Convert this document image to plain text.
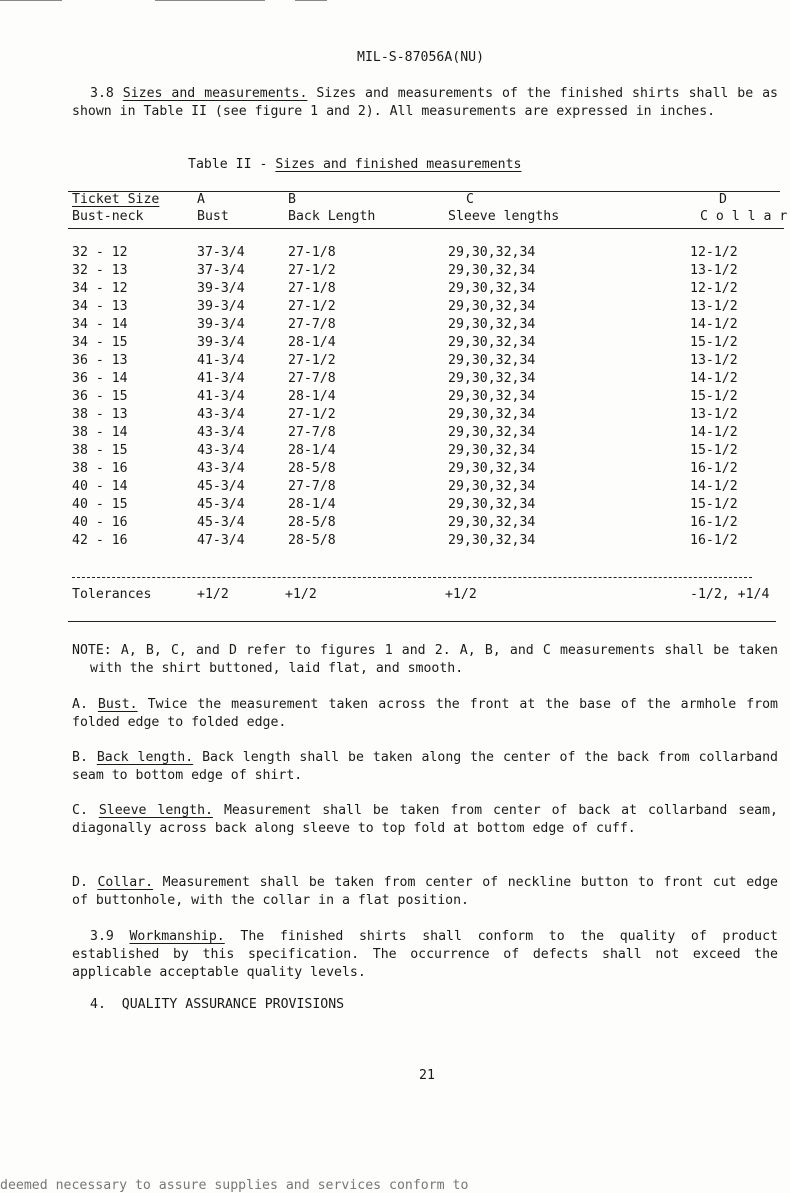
MIL-S-87056A(NU)
3.8 Sizes and measurements. Sizes and measurements of the finished shirts shall be as shown in Table II (see figure 1 and 2). All measurements are expressed in inches.
Table II - Sizes and finished measurements
Ticket Size	A	B	C	D
Bust-neck	Bust	Back Length	Sleeve lengths	C o l l a r
32 - 12	37-3/4	27-1/8	29,30,32,34	12-1/2
32 - 13	37-3/4	27-1/2	29,30,32,34	13-1/2
34 - 12	39-3/4	27-1/8	29,30,32,34	12-1/2
34 - 13	39-3/4	27-1/2	29,30,32,34	13-1/2
34 - 14	39-3/4	27-7/8	29,30,32,34	14-1/2
34 - 15	39-3/4	28-1/4	29,30,32,34	15-1/2
36 - 13	41-3/4	27-1/2	29,30,32,34	13-1/2
36 - 14	41-3/4	27-7/8	29,30,32,34	14-1/2
36 - 15	41-3/4	28-1/4	29,30,32,34	15-1/2
38 - 13	43-3/4	27-1/2	29,30,32,34	13-1/2
38 - 14	43-3/4	27-7/8	29,30,32,34	14-1/2
38 - 15	43-3/4	28-1/4	29,30,32,34	15-1/2
38 - 16	43-3/4	28-5/8	29,30,32,34	16-1/2
40 - 14	45-3/4	27-7/8	29,30,32,34	14-1/2
40 - 15	45-3/4	28-1/4	29,30,32,34	15-1/2
40 - 16	45-3/4	28-5/8	29,30,32,34	16-1/2
42 - 16	47-3/4	28-5/8	29,30,32,34	16-1/2
Tolerances	+1/2	+1/2	+1/2	-1/2, +1/4
NOTE: A, B, C, and D refer to figures 1 and 2. A, B, and C measurements shall be taken with the shirt buttoned, laid flat, and smooth.
A. Bust. Twice the measurement taken across the front at the base of the armhole from folded edge to folded edge.
B. Back length. Back length shall be taken along the center of the back from collarband seam to bottom edge of shirt.
C. Sleeve length. Measurement shall be taken from center of back at collarband seam, diagonally across back along sleeve to top fold at bottom edge of cuff.
D. Collar. Measurement shall be taken from center of neckline button to front cut edge of buttonhole, with the collar in a flat position.
3.9 Workmanship. The finished shirts shall conform to the quality of product established by this specification. The occurrence of defects shall not exceed the applicable acceptable quality levels.
4. QUALITY ASSURANCE PROVISIONS
21
deemed necessary to assure supplies and services conform to
